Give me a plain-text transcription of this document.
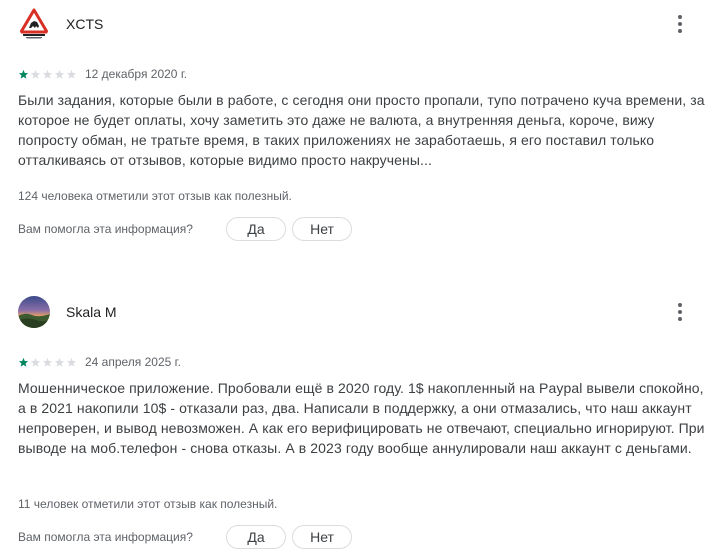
XCTS
12 декабря 2020 г.
Были задания, которые были в работе, с сегодня они просто пропали, тупо потрачено куча времени, за которое не будет оплаты, хочу заметить это даже не валюта, а внутренняя деньга, короче, вижу попросту обман, не тратьте время, в таких приложениях не заработаешь, я его поставил только отталкиваясь от отзывов, которые видимо просто накручены...
124 человека отметили этот отзыв как полезный.
Вам помогла эта информация?	Да	Нет
Skala M
24 апреля 2025 г.
Мошенническое приложение. Пробовали ещё в 2020 году. 1$ накопленный на Paypal вывели спокойно, а в 2021 накопили 10$ - отказали раз, два. Написали в поддержку, а они отмазались, что наш аккаунт непроверен, и вывод невозможен. А как его верифицировать не отвечают, специально игнорируют. При выводе на моб.телефон - снова отказы. А в 2023 году вообще аннулировали наш аккаунт с деньгами.
11 человек отметили этот отзыв как полезный.
Вам помогла эта информация?	Да	Нет
